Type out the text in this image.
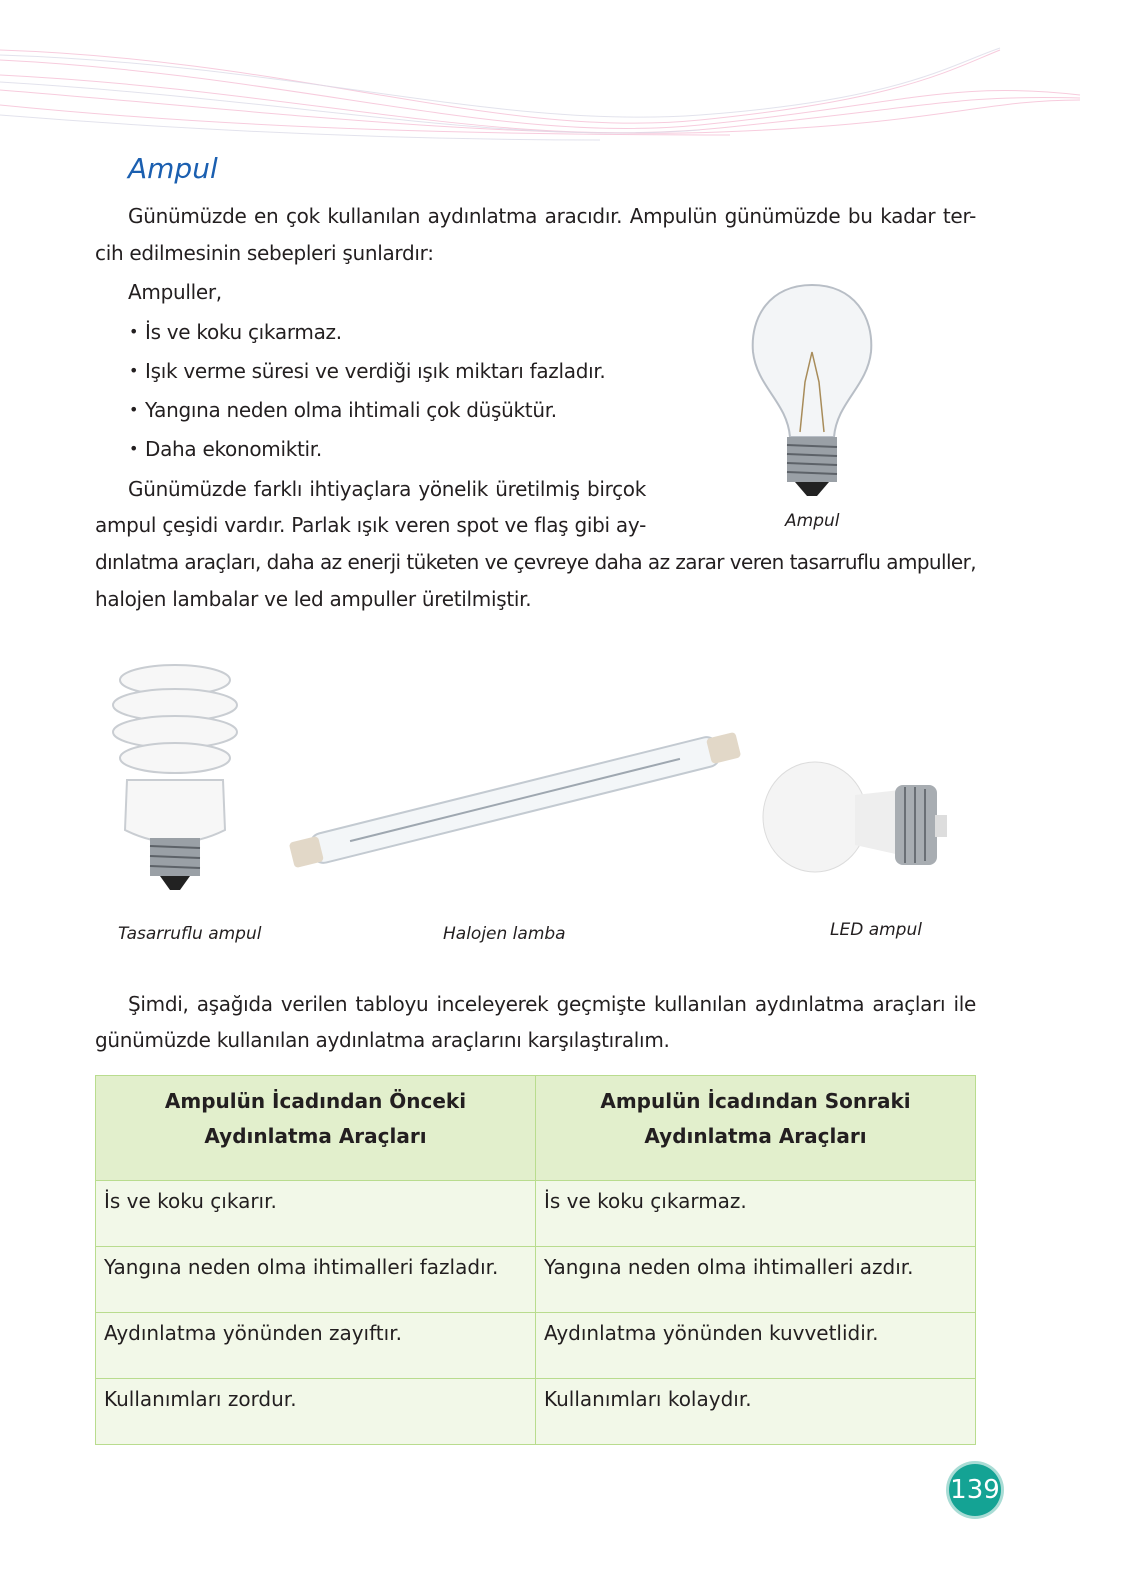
Ampul
Günümüzde en çok kullanılan aydınlatma aracıdır. Ampulün günümüzde bu kadar ter-
cih edilmesinin sebepleri şunlardır:
Ampuller,
• İs ve koku çıkarmaz.
• Işık verme süresi ve verdiği ışık miktarı fazladır.
• Yangına neden olma ihtimali çok düşüktür.
• Daha ekonomiktir.
Günümüzde farklı ihtiyaçlara yönelik üretilmiş birçok
ampul çeşidi vardır. Parlak ışık veren spot ve flaş gibi ay-
dınlatma araçları, daha az enerji tüketen ve çevreye daha az zarar veren tasarruflu ampuller,
halojen lambalar ve led ampuller üretilmiştir.
Ampul
Tasarruflu ampul	Halojen lamba	LED ampul
Şimdi, aşağıda verilen tabloyu inceleyerek geçmişte kullanılan aydınlatma araçları ile
günümüzde kullanılan aydınlatma araçlarını karşılaştıralım.
Ampulün İcadından Önceki Aydınlatma Araçları	Ampulün İcadından Sonraki Aydınlatma Araçları
İs ve koku çıkarır.	İs ve koku çıkarmaz.
Yangına neden olma ihtimalleri fazladır.	Yangına neden olma ihtimalleri azdır.
Aydınlatma yönünden zayıftır.	Aydınlatma yönünden kuvvetlidir.
Kullanımları zordur.	Kullanımları kolaydır.
139
